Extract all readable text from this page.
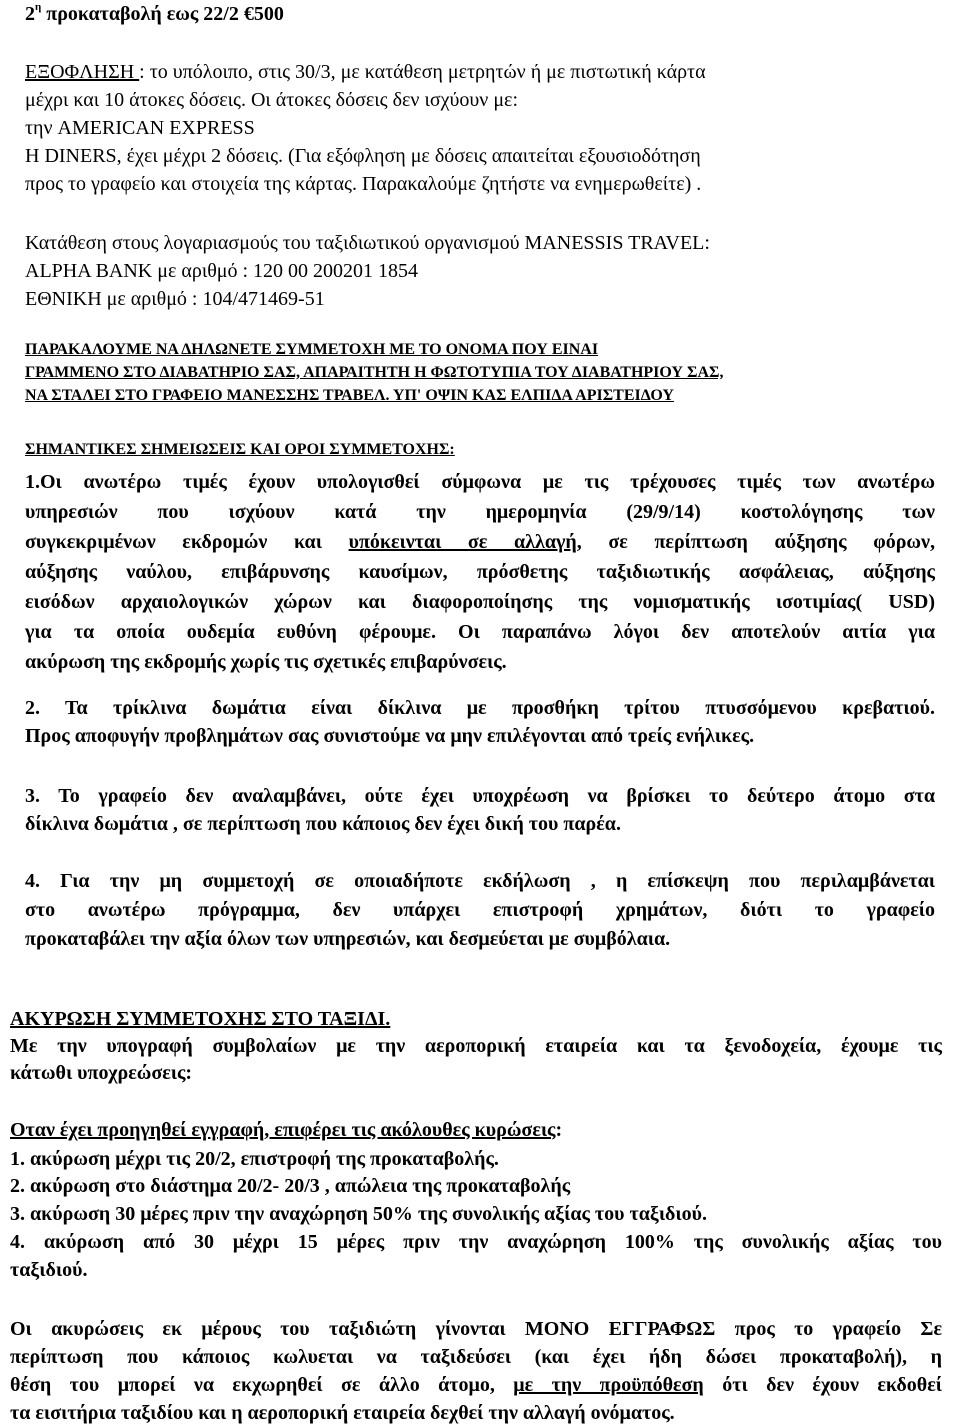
$2^\eta$ προκαταβολή εως 22/2 €500
ΕΞΟΦΛΗΣΗ : το υπόλοιπο, στις 30/3, με κατάθεση μετρητών ή με πιστωτική κάρτα
μέχρι και 10 άτοκες δόσεις. Οι άτοκες δόσεις δεν ισχύουν με:
την AMERICAN EXPRESS
Η DINERS, έχει μέχρι 2 δόσεις. (Για εξόφληση με δόσεις απαιτείται εξουσιοδότηση
προς το γραφείο και στοιχεία της κάρτας. Παρακαλούμε ζητήστε να ενημερωθείτε) .
Κατάθεση στους λογαριασμούς του ταξιδιωτικού οργανισμού MANESSIS TRAVEL:
ALPHA BANK με αριθμό : 120 00 200201 1854
ΕΘΝΙΚΗ με αριθμό : 104/471469-51
ΠΑΡΑΚΑΛΟΥΜΕ ΝΑ ΔΗΛΩΝΕΤΕ ΣΥΜΜΕΤΟΧΗ ΜΕ ΤΟ ΟΝΟΜΑ ΠΟΥ ΕΙΝΑΙ
ΓΡΑΜΜΕΝΟ ΣΤΟ ΔΙΑΒΑΤΗΡΙΟ ΣΑΣ, ΑΠΑΡΑΙΤΗΤΗ Η ΦΩΤΟΤΥΠΙΑ ΤΟΥ ΔΙΑΒΑΤΗΡΙΟΥ ΣΑΣ,
ΝΑ ΣΤΑΛΕΙ ΣΤΟ ΓΡΑΦΕΙΟ ΜΑΝΕΣΣΗΣ ΤΡΑΒΕΛ. ΥΠ' ΟΨΙΝ ΚΑΣ ΕΛΠΙΔΑ ΑΡΙΣΤΕΙΔΟΥ
ΣΗΜΑΝΤΙΚΕΣ ΣΗΜΕΙΩΣΕΙΣ ΚΑΙ ΟΡΟΙ ΣΥΜΜΕΤΟΧΗΣ:
1.Οι ανωτέρω τιμές έχουν υπολογισθεί σύμφωνα με τις τρέχουσες τιμές των ανωτέρω
υπηρεσιών που ισχύουν κατά την ημερομηνία (29/9/14) κοστολόγησης των
συγκεκριμένων εκδρομών και υπόκεινται σε αλλαγή, σε περίπτωση αύξησης φόρων,
αύξησης ναύλου, επιβάρυνσης καυσίμων, πρόσθετης ταξιδιωτικής ασφάλειας, αύξησης
εισόδων αρχαιολογικών χώρων και διαφοροποίησης της νομισματικής ισοτιμίας( USD)
για τα οποία ουδεμία ευθύνη φέρουμε. Οι παραπάνω λόγοι δεν αποτελούν αιτία για
ακύρωση της εκδρομής χωρίς τις σχετικές επιβαρύνσεις.
2. Τα τρίκλινα δωμάτια είναι δίκλινα με προσθήκη τρίτου πτυσσόμενου κρεβατιού.
Προς αποφυγήν προβλημάτων σας συνιστούμε να μην επιλέγονται από τρείς ενήλικες.
3. Το γραφείο δεν αναλαμβάνει, ούτε έχει υποχρέωση να βρίσκει το δεύτερο άτομο στα
δίκλινα δωμάτια , σε περίπτωση που κάποιος δεν έχει δική του παρέα.
4. Για την μη συμμετοχή σε οποιαδήποτε εκδήλωση , η επίσκεψη που περιλαμβάνεται
στο ανωτέρω πρόγραμμα, δεν υπάρχει επιστροφή χρημάτων, διότι το γραφείο
προκαταβάλει την αξία όλων των υπηρεσιών, και δεσμεύεται με συμβόλαια.
ΑΚΥΡΩΣΗ ΣΥΜΜΕΤΟΧΗΣ ΣΤΟ ΤΑΞΙΔΙ.
Με την υπογραφή συμβολαίων με την αεροπορική εταιρεία και τα ξενοδοχεία, έχουμε τις
κάτωθι υποχρεώσεις:
Οταν έχει προηγηθεί εγγραφή, επιφέρει τις ακόλουθες κυρώσεις:
1. ακύρωση μέχρι τις 20/2, επιστροφή της προκαταβολής.
2. ακύρωση στο διάστημα 20/2- 20/3 , απώλεια της προκαταβολής
3. ακύρωση 30 μέρες πριν την αναχώρηση 50% της συνολικής αξίας του ταξιδιού.
4. ακύρωση από 30 μέχρι 15 μέρες πριν την αναχώρηση 100% της συνολικής αξίας του
ταξιδιού.
Οι ακυρώσεις εκ μέρους του ταξιδιώτη γίνονται ΜΟΝΟ ΕΓΓΡΑΦΩΣ προς το γραφείο Σε
περίπτωση που κάποιος κωλυεται να ταξιδεύσει (και έχει ήδη δώσει προκαταβολή), η
θέση του μπορεί να εκχωρηθεί σε άλλο άτομο, με την προϋπόθεση ότι δεν έχουν εκδοθεί
τα εισιτήρια ταξιδίου και η αεροπορική εταιρεία δεχθεί την αλλαγή ονόματος.
